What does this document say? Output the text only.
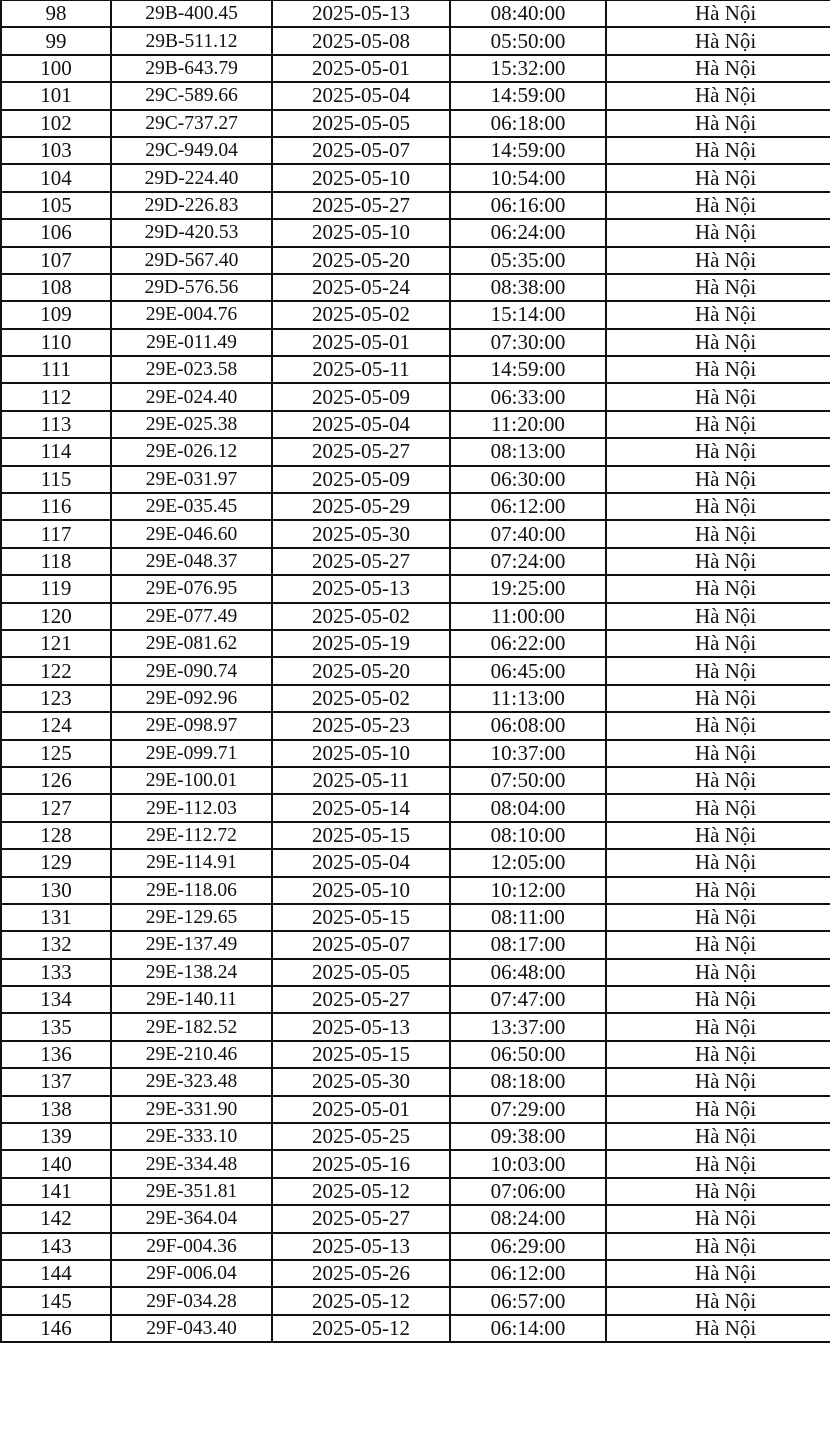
98	29B-400.45	2025-05-13	08:40:00	Hà Nội
99	29B-511.12	2025-05-08	05:50:00	Hà Nội
100	29B-643.79	2025-05-01	15:32:00	Hà Nội
101	29C-589.66	2025-05-04	14:59:00	Hà Nội
102	29C-737.27	2025-05-05	06:18:00	Hà Nội
103	29C-949.04	2025-05-07	14:59:00	Hà Nội
104	29D-224.40	2025-05-10	10:54:00	Hà Nội
105	29D-226.83	2025-05-27	06:16:00	Hà Nội
106	29D-420.53	2025-05-10	06:24:00	Hà Nội
107	29D-567.40	2025-05-20	05:35:00	Hà Nội
108	29D-576.56	2025-05-24	08:38:00	Hà Nội
109	29E-004.76	2025-05-02	15:14:00	Hà Nội
110	29E-011.49	2025-05-01	07:30:00	Hà Nội
111	29E-023.58	2025-05-11	14:59:00	Hà Nội
112	29E-024.40	2025-05-09	06:33:00	Hà Nội
113	29E-025.38	2025-05-04	11:20:00	Hà Nội
114	29E-026.12	2025-05-27	08:13:00	Hà Nội
115	29E-031.97	2025-05-09	06:30:00	Hà Nội
116	29E-035.45	2025-05-29	06:12:00	Hà Nội
117	29E-046.60	2025-05-30	07:40:00	Hà Nội
118	29E-048.37	2025-05-27	07:24:00	Hà Nội
119	29E-076.95	2025-05-13	19:25:00	Hà Nội
120	29E-077.49	2025-05-02	11:00:00	Hà Nội
121	29E-081.62	2025-05-19	06:22:00	Hà Nội
122	29E-090.74	2025-05-20	06:45:00	Hà Nội
123	29E-092.96	2025-05-02	11:13:00	Hà Nội
124	29E-098.97	2025-05-23	06:08:00	Hà Nội
125	29E-099.71	2025-05-10	10:37:00	Hà Nội
126	29E-100.01	2025-05-11	07:50:00	Hà Nội
127	29E-112.03	2025-05-14	08:04:00	Hà Nội
128	29E-112.72	2025-05-15	08:10:00	Hà Nội
129	29E-114.91	2025-05-04	12:05:00	Hà Nội
130	29E-118.06	2025-05-10	10:12:00	Hà Nội
131	29E-129.65	2025-05-15	08:11:00	Hà Nội
132	29E-137.49	2025-05-07	08:17:00	Hà Nội
133	29E-138.24	2025-05-05	06:48:00	Hà Nội
134	29E-140.11	2025-05-27	07:47:00	Hà Nội
135	29E-182.52	2025-05-13	13:37:00	Hà Nội
136	29E-210.46	2025-05-15	06:50:00	Hà Nội
137	29E-323.48	2025-05-30	08:18:00	Hà Nội
138	29E-331.90	2025-05-01	07:29:00	Hà Nội
139	29E-333.10	2025-05-25	09:38:00	Hà Nội
140	29E-334.48	2025-05-16	10:03:00	Hà Nội
141	29E-351.81	2025-05-12	07:06:00	Hà Nội
142	29E-364.04	2025-05-27	08:24:00	Hà Nội
143	29F-004.36	2025-05-13	06:29:00	Hà Nội
144	29F-006.04	2025-05-26	06:12:00	Hà Nội
145	29F-034.28	2025-05-12	06:57:00	Hà Nội
146	29F-043.40	2025-05-12	06:14:00	Hà Nội
